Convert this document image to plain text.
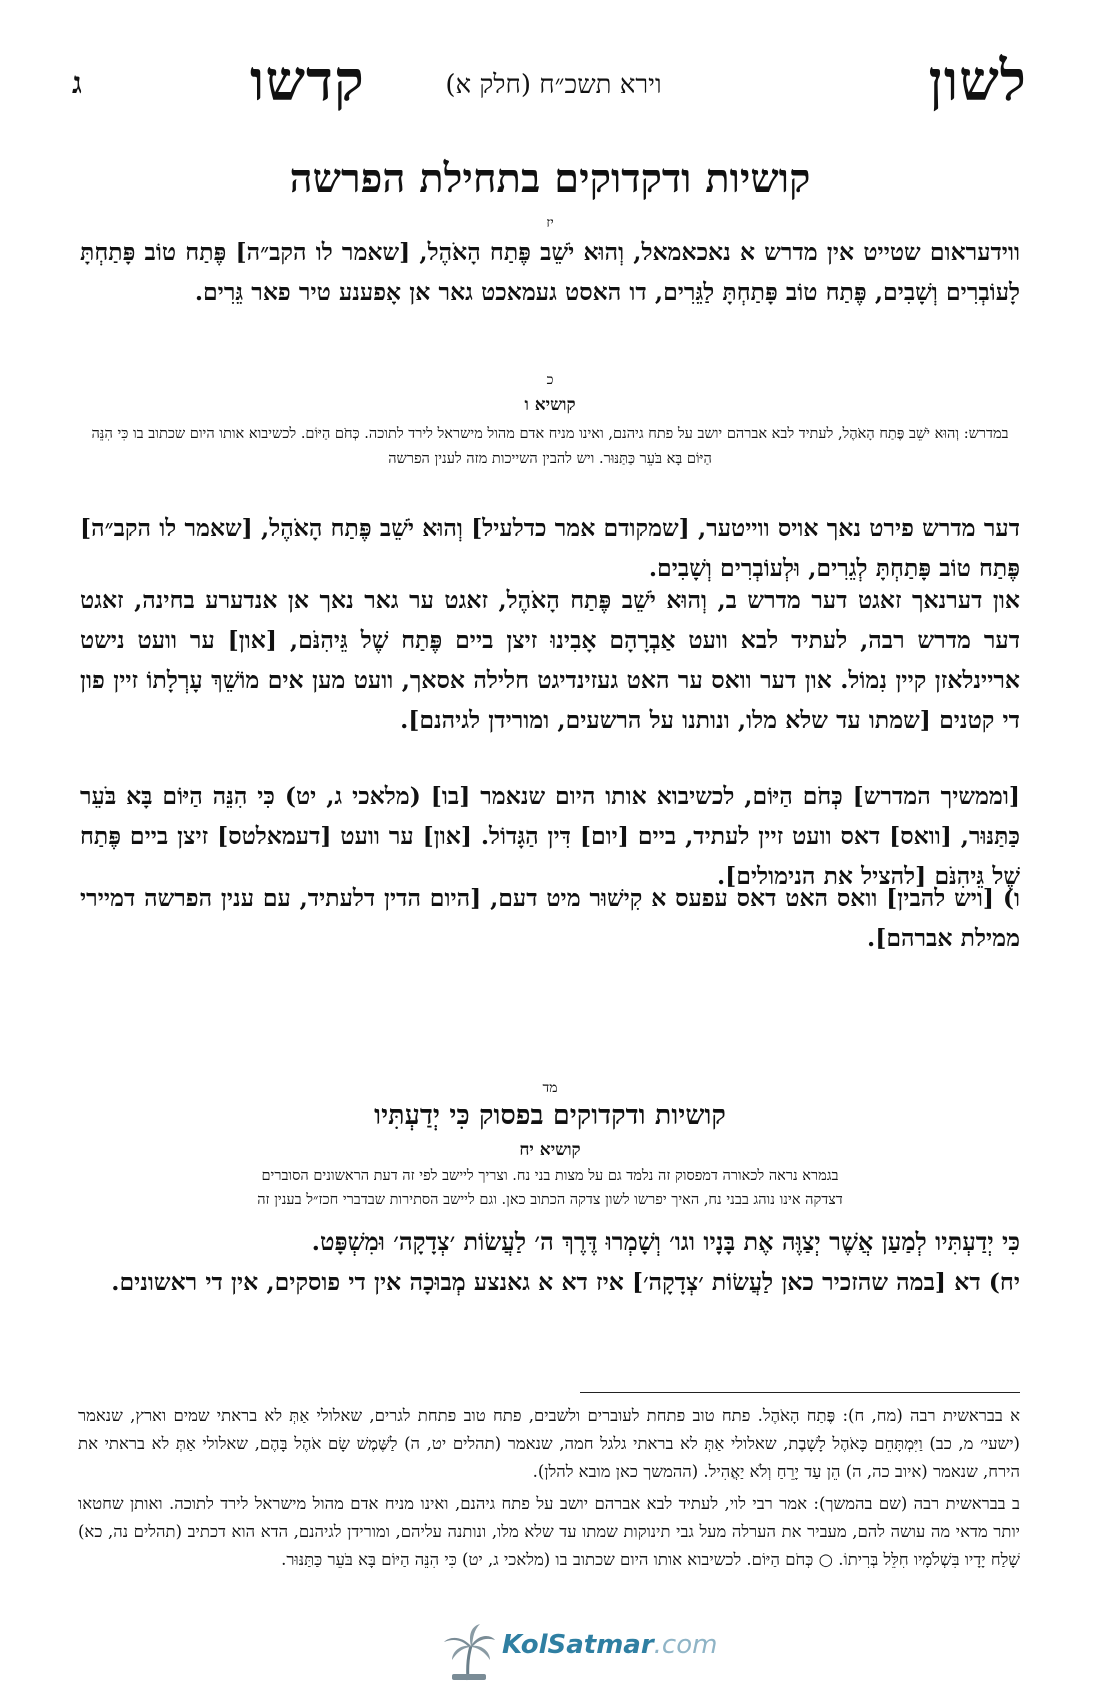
לשון
קדשו	וירא תשכ״ח (חלק א)
ג
קושיות ודקדוקים בתחילת הפרשה
יז
ווידעראום שטייט אין מדרש א נאכאמאל, וְהוּא יֹשֵׁב פֶּתַח הָאֹהֶל, [שאמר לו הקב״ה] פֶּתַח טוֹב פָּתַחְתָּ לָעוֹבְרִים וְשָׁבִים, פֶּתַח טוֹב פָּתַחְתָּ לַגֵּרִים, דו האסט געמאכט גאר אן אָפענע טיר פאר גֵּרִים.
כ
קושיא ו
במדרש: וְהוּא יֹשֵׁב פֶּתַח הָאֹהֶל, לעתיד לבא אברהם יושב על פתח גיהנם, ואינו מניח אדם מהול מישראל לירד לתוכה. כְּחֹם הַיּוֹם. לכשיבוא אותו היום שכתוב בו כִּי הִנֵּה הַיּוֹם בָּא בֹּעֵר כַּתַּנּוּר. ויש להבין השייכות מזה לענין הפרשה
דער מדרש פירט נאך אויס ווייטער, [שמקודם אמר כדלעיל] וְהוּא יֹשֵׁב פֶּתַח הָאֹהֶל, [שאמר לו הקב״ה] פֶּתַח טוֹב פָּתַחְתָּ לְגֵרִים, וּלְעוֹבְרִים וְשָׁבִים.
און דערנאך זאגט דער מדרש ב, וְהוּא יֹשֵׁב פֶּתַח הָאֹהֶל, זאגט ער גאר נאך אן אנדערע בחינה, זאגט דער מדרש רבה, לעתיד לבא וועט אַבְרָהָם אָבִינוּ זיצן ביים פֶּתַח שֶׁל גֵּיהִנֹּם, [און] ער וועט נישט אריינלאזן קיין נִמוֹל. און דער וואס ער האט געזינדיגט חלילה אסאך, וועט מען אים מוֹשֵׁךְ עָרְלָתוֹ זיין פון די קטנים [שמתו עד שלא מלו, ונותנו על הרשעים, ומורידן לגיהנם].
[וממשיך המדרש] כְּחֹם הַיּוֹם, לכשיבוא אותו היום שנאמר [בו] (מלאכי ג, יט) כִּי הִנֵּה הַיּוֹם בָּא בֹּעֵר כַּתַּנּוּר, [וואס] דאס וועט זיין לעתיד, ביים [יום] דִּין הַגָּדוֹל. [און] ער וועט [דעמאלטס] זיצן ביים פֶּתַח שֶׁל גֵּיהִנֹּם [להציל את הנימולים].
ו) [ויש להבין] וואס האט דאס עפעס א קִישׁוּר מיט דעם, [היום הדין דלעתיד, עם ענין הפרשה דמיירי ממילת אברהם].
מד
קושיות ודקדוקים בפסוק כִּי יְדַעְתִּיו
קושיא יח
בגמרא נראה לכאורה דמפסוק זה נלמד גם על מצות בני נח. וצריך ליישב לפי זה דעת הראשונים הסוברים
דצדקה אינו נוהג בבני נח, האיך יפרשו לשון צדקה הכתוב כאן. וגם ליישב הסתירות שבדברי חכז״ל בענין זה
כִּי יְדַעְתִּיו לְמַעַן אֲשֶׁר יְצַוֶּה אֶת בָּנָיו וגו׳ וְשָׁמְרוּ דֶּרֶךְ ה׳ לַעֲשׂוֹת ׳צְדָקָה׳ וּמִשְׁפָּט.
יח) דא [במה שהזכיר כאן לַעֲשׂוֹת ׳צְדָקָה׳] איז דא א גאנצע מְבוּכָה אין די פוסקים, אין די ראשונים.

א בבראשית רבה (מח, ח): פֶּתַח הָאֹהֶל. פתח טוב פתחת לעוברים ולשבים, פתח טוב פתחת לגרים, שאלולי אַתְּ לא בראתי שמים וארץ, שנאמר (ישעי׳ מ, כב) וַיִּמְתָּחֵם כָּאֹהֶל לָשָׁבֶת, שאלולי אַתְּ לא בראתי גלגל חמה, שנאמר (תהלים יט, ה) לַשֶּׁמֶשׁ שָׂם אֹהֶל בָּהֶם, שאלולי אַתְּ לא בראתי את הירח, שנאמר (איוב כה, ה) הֵן עַד יָרֵחַ וְלֹא יַאֲהִיל. (ההמשך כאן מובא להלן).

ב בבראשית רבה (שם בהמשך): אמר רבי לוי, לעתיד לבא אברהם יושב על פתח גיהנם, ואינו מניח אדם מהול מישראל לירד לתוכה. ואותן שחטאו יותר מדאי מה עושה להם, מעביר את הערלה מעל גבי תינוקות שמתו עד שלא מלו, ונותנה עליהם, ומורידן לגיהנם, הדא הוא דכתיב (תהלים נה, כא) שָׁלַח יָדָיו בִּשְׁלֹמָיו חִלֵּל בְּרִיתוֹ. ○ כְּחֹם הַיּוֹם. לכשיבוא אותו היום שכתוב בו (מלאכי ג, יט) כִּי הִנֵּה הַיּוֹם בָּא בֹּעֵר כַּתַּנּוּר.

KolSatmar.com
